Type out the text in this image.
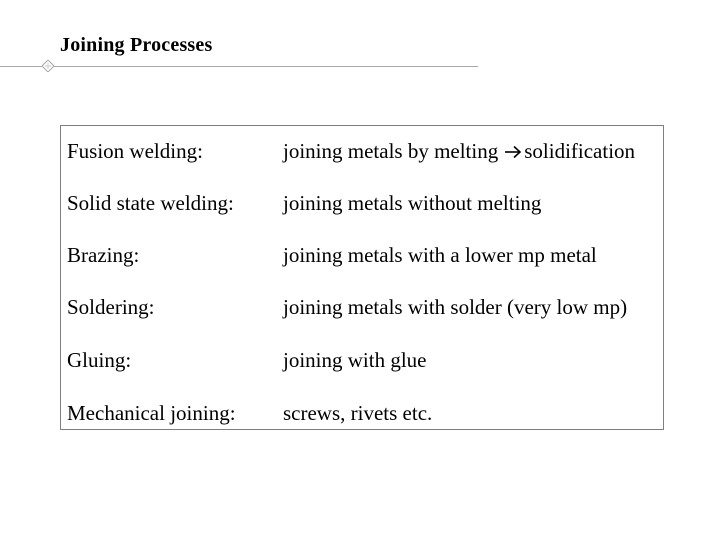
Joining Processes
Fusion welding:	joining metals by melting solidification
Solid state welding: joining metals without melting
Brazing:	joining metals with a lower mp metal
Soldering:	joining metals with solder (very low mp)
Gluing:	joining with glue
Mechanical joining: screws, rivets etc.
